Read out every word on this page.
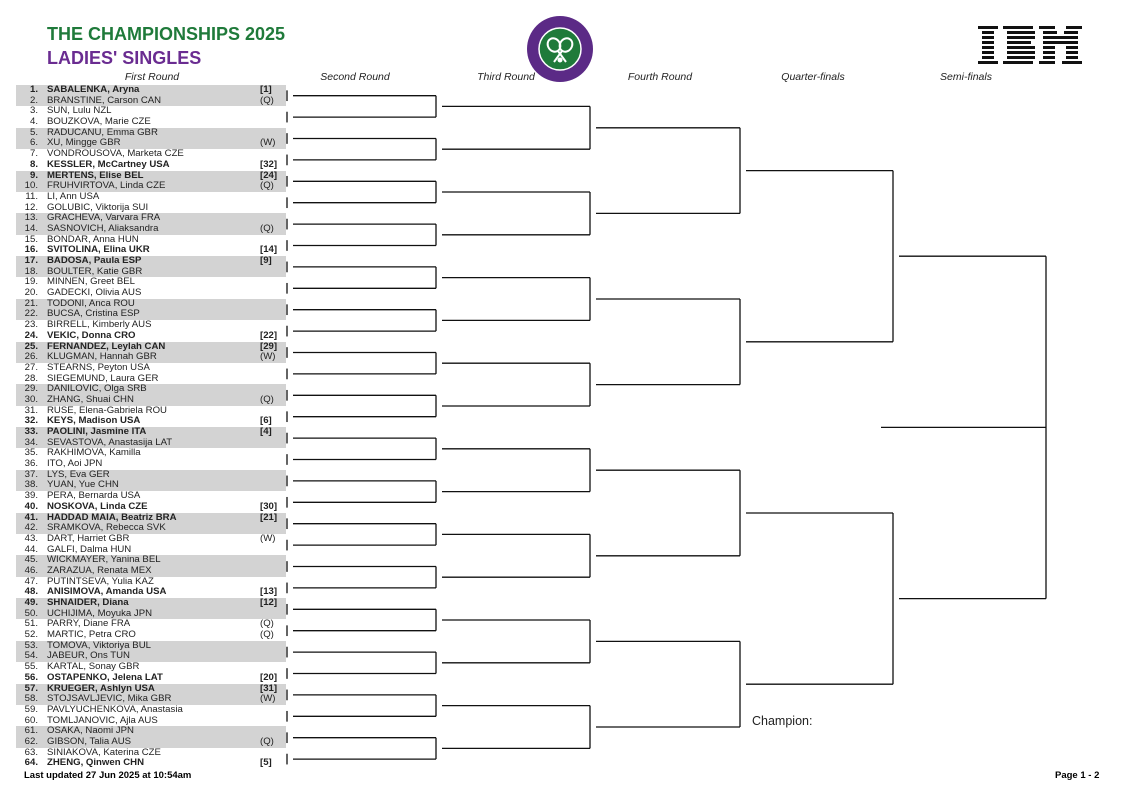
THE CHAMPIONSHIPS 2025
LADIES' SINGLES
First Round	Second Round	Third Round	Fourth Round	Quarter-finals	Semi-finals
1. SABALENKA, Aryna	[1]
2. BRANSTINE, Carson CAN	(Q)
3. SUN, Lulu NZL
4. BOUZKOVA, Marie CZE
5. RADUCANU, Emma GBR
6. XU, Mingge GBR	(W)
7. VONDROUSOVA, Marketa CZE
8. KESSLER, McCartney USA	[32]
9. MERTENS, Elise BEL	[24]
10. FRUHVIRTOVA, Linda CZE	(Q)
11. LI, Ann USA
12. GOLUBIC, Viktorija SUI
13. GRACHEVA, Varvara FRA
14. SASNOVICH, Aliaksandra	(Q)
15. BONDAR, Anna HUN
16. SVITOLINA, Elina UKR	[14]
17. BADOSA, Paula ESP	[9]
18. BOULTER, Katie GBR
19. MINNEN, Greet BEL
20. GADECKI, Olivia AUS
21. TODONI, Anca ROU
22. BUCSA, Cristina ESP
23. BIRRELL, Kimberly AUS
24. VEKIC, Donna CRO	[22]
25. FERNANDEZ, Leylah CAN	[29]
26. KLUGMAN, Hannah GBR	(W)
27. STEARNS, Peyton USA
28. SIEGEMUND, Laura GER
29. DANILOVIC, Olga SRB
30. ZHANG, Shuai CHN	(Q)
31. RUSE, Elena-Gabriela ROU
32. KEYS, Madison USA	[6]
33. PAOLINI, Jasmine ITA	[4]
34. SEVASTOVA, Anastasija LAT
35. RAKHIMOVA, Kamilla
36. ITO, Aoi JPN
37. LYS, Eva GER
38. YUAN, Yue CHN
39. PERA, Bernarda USA
40. NOSKOVA, Linda CZE	[30]
41. HADDAD MAIA, Beatriz BRA	[21]
42. SRAMKOVA, Rebecca SVK
43. DART, Harriet GBR	(W)
44. GALFI, Dalma HUN
45. WICKMAYER, Yanina BEL
46. ZARAZUA, Renata MEX
47. PUTINTSEVA, Yulia KAZ
48. ANISIMOVA, Amanda USA	[13]
49. SHNAIDER, Diana	[12]
50. UCHIJIMA, Moyuka JPN
51. PARRY, Diane FRA	(Q)
52. MARTIC, Petra CRO	(Q)
53. TOMOVA, Viktoriya BUL
54. JABEUR, Ons TUN
55. KARTAL, Sonay GBR
56. OSTAPENKO, Jelena LAT	[20]
57. KRUEGER, Ashlyn USA	[31]
58. STOJSAVLJEVIC, Mika GBR	(W)
59. PAVLYUCHENKOVA, Anastasia
60. TOMLJANOVIC, Ajla AUS
61. OSAKA, Naomi JPN
62. GIBSON, Talia AUS	(Q)
63. SINIAKOVA, Katerina CZE
64. ZHENG, Qinwen CHN	[5]
Champion:
Last updated 27 Jun 2025 at 10:54am	Page 1 - 2
